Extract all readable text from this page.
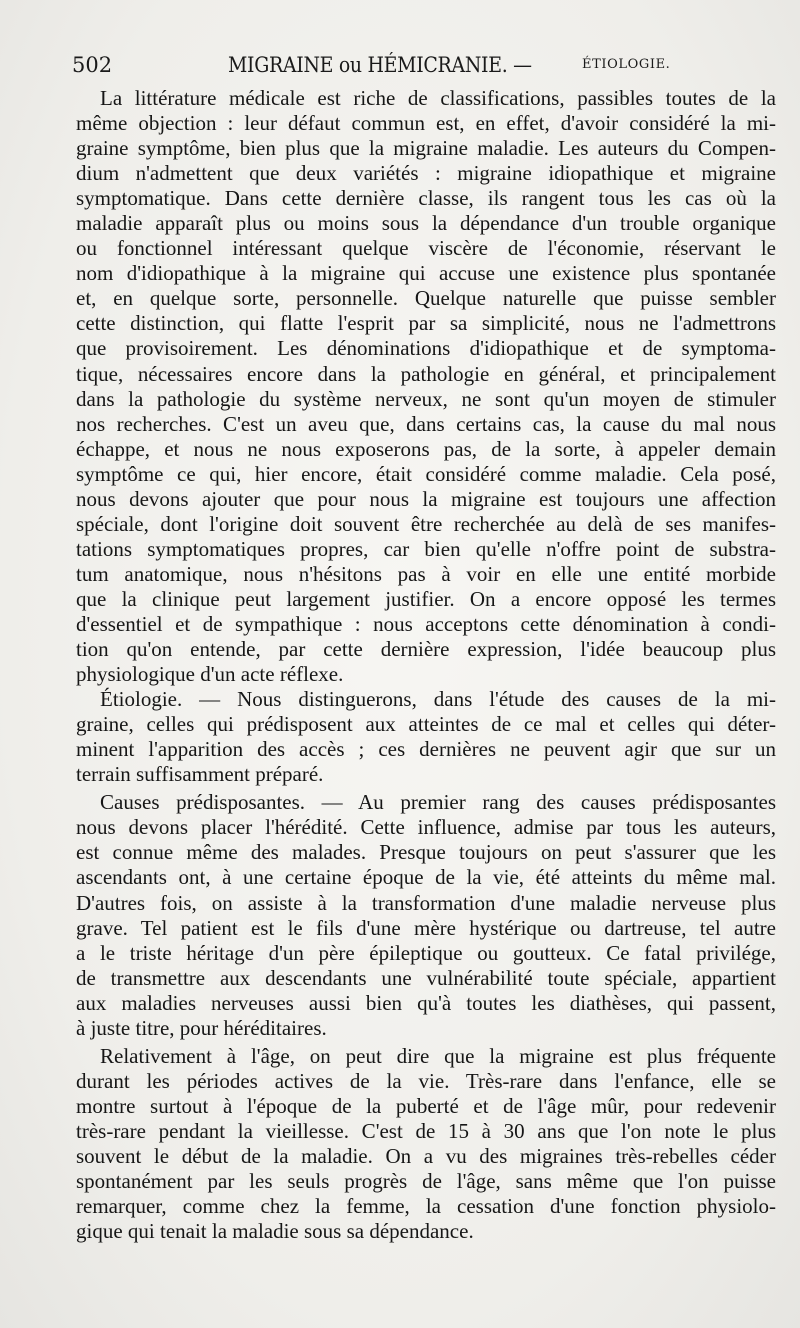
502	MIGRAINE ou HÉMICRANIE. —	ÉTIOLOGIE.
La littérature médicale est riche de classifications, passibles toutes de la
même objection : leur défaut commun est, en effet, d'avoir considéré la mi-
graine symptôme, bien plus que la migraine maladie. Les auteurs du Compen-
dium n'admettent que deux variétés : migraine idiopathique et migraine
symptomatique. Dans cette dernière classe, ils rangent tous les cas où la
maladie apparaît plus ou moins sous la dépendance d'un trouble organique
ou fonctionnel intéressant quelque viscère de l'économie, réservant le
nom d'idiopathique à la migraine qui accuse une existence plus spontanée
et, en quelque sorte, personnelle. Quelque naturelle que puisse sembler
cette distinction, qui flatte l'esprit par sa simplicité, nous ne l'admettrons
que provisoirement. Les dénominations d'idiopathique et de symptoma-
tique, nécessaires encore dans la pathologie en général, et principalement
dans la pathologie du système nerveux, ne sont qu'un moyen de stimuler
nos recherches. C'est un aveu que, dans certains cas, la cause du mal nous
échappe, et nous ne nous exposerons pas, de la sorte, à appeler demain
symptôme ce qui, hier encore, était considéré comme maladie. Cela posé,
nous devons ajouter que pour nous la migraine est toujours une affection
spéciale, dont l'origine doit souvent être recherchée au delà de ses manifes-
tations symptomatiques propres, car bien qu'elle n'offre point de substra-
tum anatomique, nous n'hésitons pas à voir en elle une entité morbide
que la clinique peut largement justifier. On a encore opposé les termes
d'essentiel et de sympathique : nous acceptons cette dénomination à condi-
tion qu'on entende, par cette dernière expression, l'idée beaucoup plus
physiologique d'un acte réflexe.
Étiologie. — Nous distinguerons, dans l'étude des causes de la mi-
graine, celles qui prédisposent aux atteintes de ce mal et celles qui déter-
minent l'apparition des accès ; ces dernières ne peuvent agir que sur un
terrain suffisamment préparé.
Causes prédisposantes. — Au premier rang des causes prédisposantes
nous devons placer l'hérédité. Cette influence, admise par tous les auteurs,
est connue même des malades. Presque toujours on peut s'assurer que les
ascendants ont, à une certaine époque de la vie, été atteints du même mal.
D'autres fois, on assiste à la transformation d'une maladie nerveuse plus
grave. Tel patient est le fils d'une mère hystérique ou dartreuse, tel autre
a le triste héritage d'un père épileptique ou goutteux. Ce fatal privilége,
de transmettre aux descendants une vulnérabilité toute spéciale, appartient
aux maladies nerveuses aussi bien qu'à toutes les diathèses, qui passent,
à juste titre, pour héréditaires.
Relativement à l'âge, on peut dire que la migraine est plus fréquente
durant les périodes actives de la vie. Très-rare dans l'enfance, elle se
montre surtout à l'époque de la puberté et de l'âge mûr, pour redevenir
très-rare pendant la vieillesse. C'est de 15 à 30 ans que l'on note le plus
souvent le début de la maladie. On a vu des migraines très-rebelles céder
spontanément par les seuls progrès de l'âge, sans même que l'on puisse
remarquer, comme chez la femme, la cessation d'une fonction physiolo-
gique qui tenait la maladie sous sa dépendance.
